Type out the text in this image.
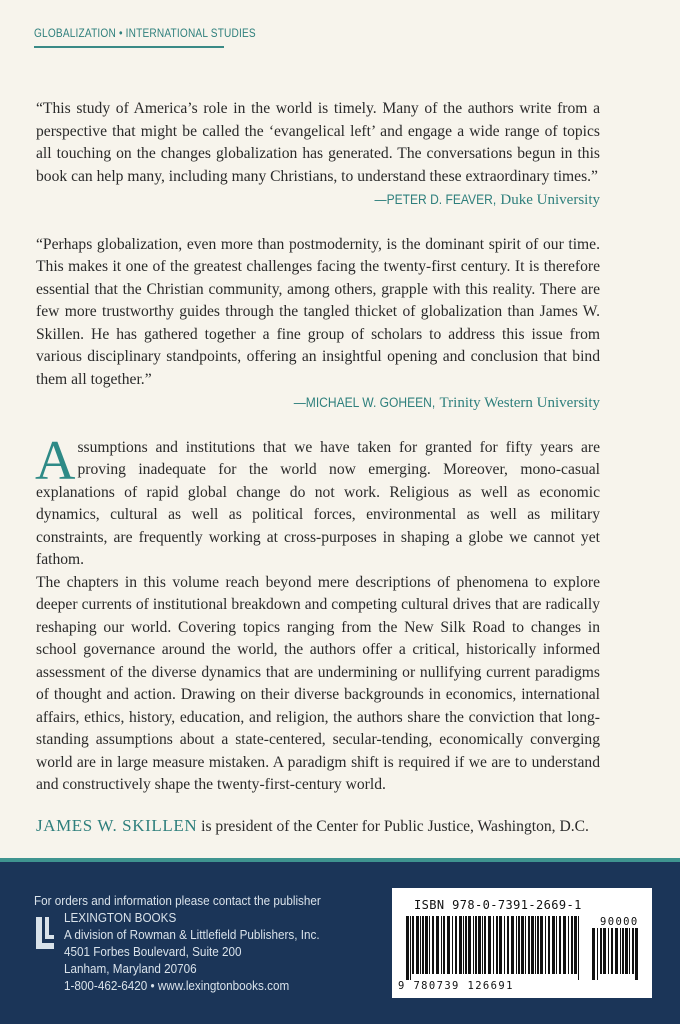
GLOBALIZATION • INTERNATIONAL STUDIES

“This study of America’s role in the world is timely. Many of the authors write from a perspective that might be called the ‘evangelical left’ and engage a wide range of topics all touching on the changes globalization has generated. The conversations begun in this book can help many, including many Christians, to understand these extraordinary times.”

—PETER D. FEAVER, Duke University

“Perhaps globalization, even more than postmodernity, is the dominant spirit of our time. This makes it one of the greatest challenges facing the twenty-first century. It is therefore essential that the Christian community, among others, grapple with this reality. There are few more trustworthy guides through the tangled thicket of globalization than James W. Skillen. He has gathered together a fine group of scholars to address this issue from various disciplinary standpoints, offering an insightful opening and conclusion that bind them all together.”

—MICHAEL W. GOHEEN, Trinity Western University

Assumptions and institutions that we have taken for granted for fifty years are proving inadequate for the world now emerging. Moreover, mono-casual explanations of rapid global change do not work. Religious as well as economic dynamics, cultural as well as political forces, environmental as well as military constraints, are frequently working at cross-purposes in shaping a globe we cannot yet fathom.

The chapters in this volume reach beyond mere descriptions of phenomena to explore deeper currents of institutional breakdown and competing cultural drives that are radically reshaping our world. Covering topics ranging from the New Silk Road to changes in school governance around the world, the authors offer a critical, historically informed assessment of the diverse dynamics that are undermining or nullifying current paradigms of thought and action. Drawing on their diverse backgrounds in economics, international affairs, ethics, history, education, and religion, the authors share the conviction that long-standing assumptions about a state-centered, secular-tending, economically converging world are in large measure mistaken. A paradigm shift is required if we are to understand and constructively shape the twenty-first-century world.

JAMES W. SKILLEN is president of the Center for Public Justice, Washington, D.C.
For orders and information please contact the publisher
LEXINGTON BOOKS
A division of Rowman & Littlefield Publishers, Inc.
4501 Forbes Boulevard, Suite 200
Lanham, Maryland 20706
1-800-462-6420 • www.lexingtonbooks.com
ISBN 978-0-7391-2669-1
9 780739 126691
90000
